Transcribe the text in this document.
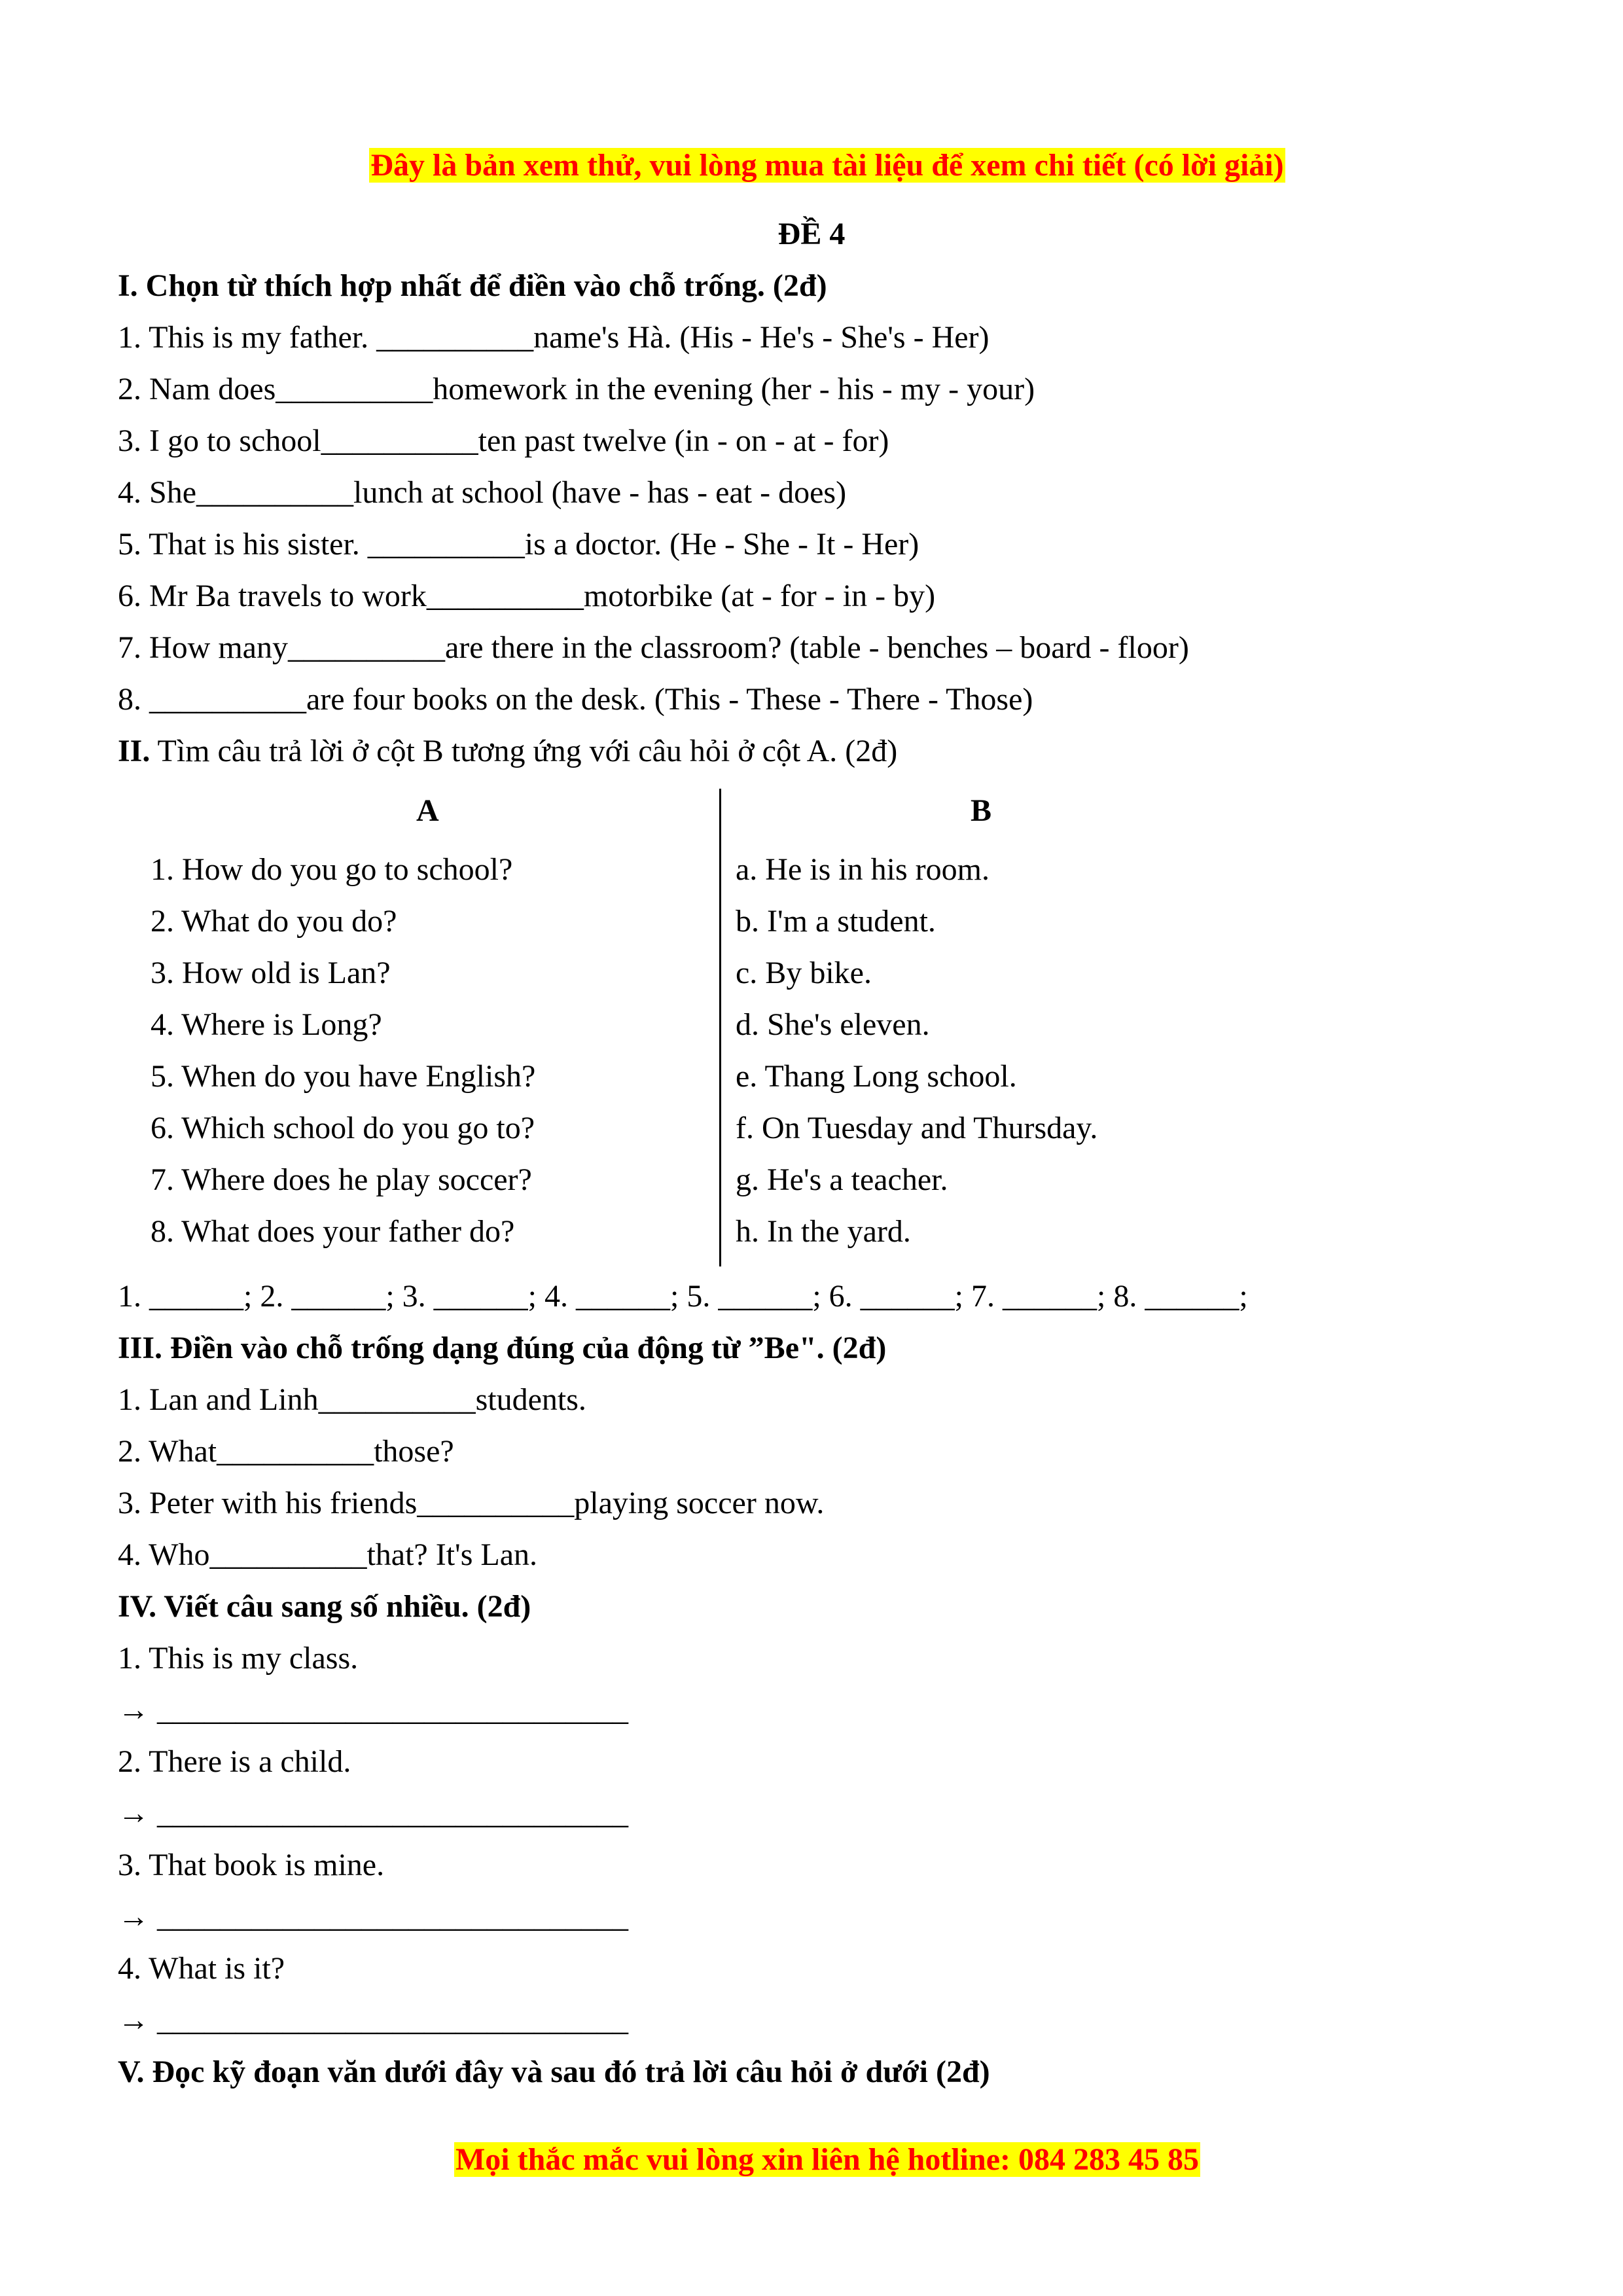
Đây là bản xem thử, vui lòng mua tài liệu để xem chi tiết (có lời giải)

ĐỀ 4
I. Chọn từ thích hợp nhất để điền vào chỗ trống. (2đ)
1. This is my father. __________name's Hà. (His - He's - She's - Her)
2. Nam does__________homework in the evening (her - his - my - your)
3. I go to school__________ten past twelve (in - on - at - for)
4. She__________lunch at school (have - has - eat - does)
5. That is his sister. __________is a doctor. (He - She - It - Her)
6. Mr Ba travels to work__________motorbike (at - for - in - by)
7. How many__________are there in the classroom? (table - benches – board - floor)
8. __________are four books on the desk. (This - These - There - Those)
II. Tìm câu trả lời ở cột B tương ứng với câu hỏi ở cột A. (2đ)
A	B
1. How do you go to school?
2. What do you do?
3. How old is Lan?
4. Where is Long?
5. When do you have English?
6. Which school do you go to?
7. Where does he play soccer?
8. What does your father do?
a. He is in his room.
b. I'm a student.
c. By bike.
d. She's eleven.
e. Thang Long school.
f. On Tuesday and Thursday.
g. He's a teacher.
h. In the yard.
1. ______; 2. ______; 3. ______; 4. ______; 5. ______; 6. ______; 7. ______; 8. ______;
III. Điền vào chỗ trống dạng đúng của động từ ”Be". (2đ)
1. Lan and Linh__________students.
2. What__________those?
3. Peter with his friends__________playing soccer now.
4. Who__________that? It's Lan.
IV. Viết câu sang số nhiều. (2đ)
1. This is my class.
→ ______________________________
2. There is a child.
→ ______________________________
3. That book is mine.
→ ______________________________
4. What is it?
→ ______________________________
V. Đọc kỹ đoạn văn dưới đây và sau đó trả lời câu hỏi ở dưới (2đ)

Mọi thắc mắc vui lòng xin liên hệ hotline: 084 283 45 85
